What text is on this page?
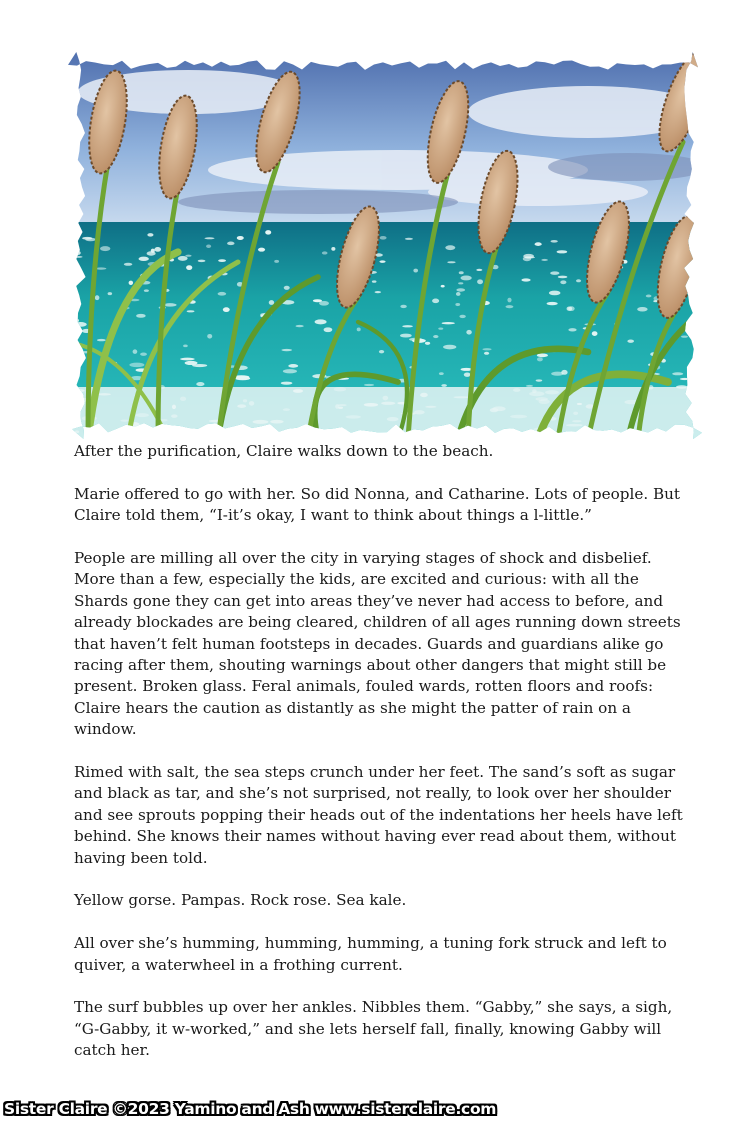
After the purification, Claire walks down to the beach.

Marie offered to go with her. So did Nonna, and Catharine. Lots of people. But Claire told them, “I-it’s okay, I want to think about things a l-little.”

People are milling all over the city in varying stages of shock and disbelief. More than a few, especially the kids, are excited and curious: with all the Shards gone they can get into areas they’ve never had access to before, and already blockades are being cleared, children of all ages running down streets that haven’t felt human footsteps in decades. Guards and guardians alike go racing after them, shouting warnings about other dangers that might still be present. Broken glass. Feral animals, fouled wards, rotten floors and roofs: Claire hears the caution as distantly as she might the patter of rain on a window.

Rimed with salt, the sea steps crunch under her feet. The sand’s soft as sugar and black as tar, and she’s not surprised, not really, to look over her shoulder and see sprouts popping their heads out of the indentations her heels have left behind. She knows their names without having ever read about them, without having been told.

Yellow gorse. Pampas. Rock rose. Sea kale.

All over she’s humming, humming, humming, a tuning fork struck and left to quiver, a waterwheel in a frothing current.

The surf bubbles up over her ankles. Nibbles them. “Gabby,” she says, a sigh, “G-Gabby, it w-worked,” and she lets herself fall, finally, knowing Gabby will catch her.

Sister Claire ©2023 Yamino and Ash www.sisterclaire.com
